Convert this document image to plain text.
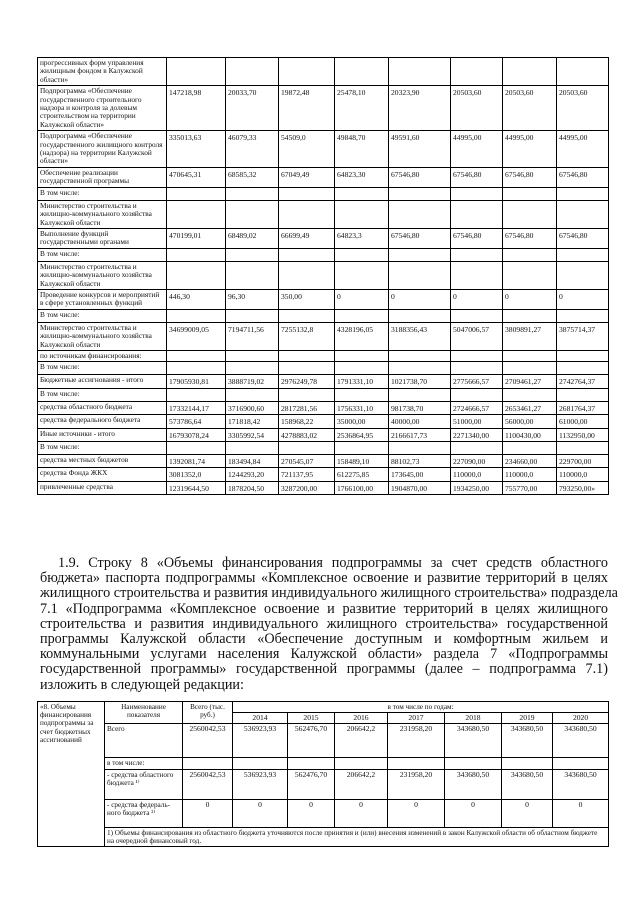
прогрессивных форм управления жилищным фондом в Калужской области»								
Подпрограмма «Обеспечение государственного строительного надзора и контроля за долевым строительством на территории Калужской области»	147218,98	20033,70	19872,48	25478,10	20323,90	20503,60	20503,60	20503,60
Подпрограмма «Обеспечение государственного жилищного контроля (надзора) на территории Калужской области»	335013,63	46079,33	54509,0	49848,70	49591,60	44995,00	44995,00	44995,00
Обеспечение реализации государственной программы	470645,31	68585,32	67049,49	64823,30	67546,80	67546,80	67546,80	67546,80
В том числе:								
Министерство строительства и жилищно-коммунального хозяйства Калужской области								
Выполнение функций государственными органами	470199,01	68489,02	66699,49	64823,3	67546,80	67546,80	67546,80	67546,80
В том числе:								
Министерство строительства и жилищно-коммунального хозяйства Калужской области								
Проведение конкурсов и мероприятий в сфере установленных функций	446,30	96,30	350,00	0	0	0	0	0
В том числе:								
Министерство строительства и жилищно-коммунального хозяйства Калужской области	34699009,05	7194711,56	7255132,8	4328196,05	3188356,43	5047006,57	3809891,27	3875714,37
по источникам финансирования:								
В том числе:								
Бюджетные ассигнования - итого	17905930,81	3888719,02	2976249,78	1791331,10	1021738,70	2775666,57	2709461,27	2742764,37
В том числе:								
средства областного бюджета	17332144,17	3716900,60	2817281,56	1756331,10	981738,70	2724666,57	2653461,27	2681764,37
средства федерального бюджета	573786,64	171818,42	158968,22	35000,00	40000,00	51000,00	56000,00	61000,00
Иные источники - итого	16793078,24	3305992,54	4278883,02	2536864,95	2166617,73	2271340,00	1100430,00	1132950,00
В том числе:								
средства местных бюджетов	1392081,74	183494,84	270545,07	158489,10	88102,73	227090,00	234660,00	229700,00
средства Фонда ЖКХ	3081352,0	1244293,20	721137,95	612275,85	173645,00	110000,0	110000,0	110000,0
привлеченные средства	12319644,50	1878204,50	3287200,00	1766100,00	1904870,00	1934250,00	755770,00	793250,00»
1.9. Строку 8 «Объемы финансирования подпрограммы за счет средств областного
бюджета» паспорта подпрограммы «Комплексное освоение и развитие территорий в целях
жилищного строительства и развития индивидуального жилищного строительства» подраздела
7.1 «Подпрограмма «Комплексное освоение и развитие территорий в целях жилищного
строительства и развития индивидуального жилищного строительства» государственной
программы Калужской области «Обеспечение доступным и комфортным жильем и
коммунальными услугами населения Калужской области» раздела 7 «Подпрограммы
государственной программы» государственной программы (далее – подпрограмма 7.1)
изложить в следующей редакции:
«8. Объемы финансирования подпрограммы за счет бюджетных ассигнований	Наименование показателя	Всего (тыс. руб.)	в том числе по годам:						
			2014	2015	2016	2017	2018	2019	2020
	Всего	2560042,53	536923,93	562476,70	206642,2	231958,20	343680,50	343680,50	343680,50
	в том числе:								
	- средства областного бюджета ¹⁾	2560042,53	536923,93	562476,70	206642,2	231958,20	343680,50	343680,50	343680,50
	- средства федераль-ного бюджета ²⁾	0	0	0	0	0	0	0	0
	1) Объемы финансирования из областного бюджета уточняются после принятия и (или) внесения изменений в закон Калужской области об областном бюджете на очередной финансовый год.								
